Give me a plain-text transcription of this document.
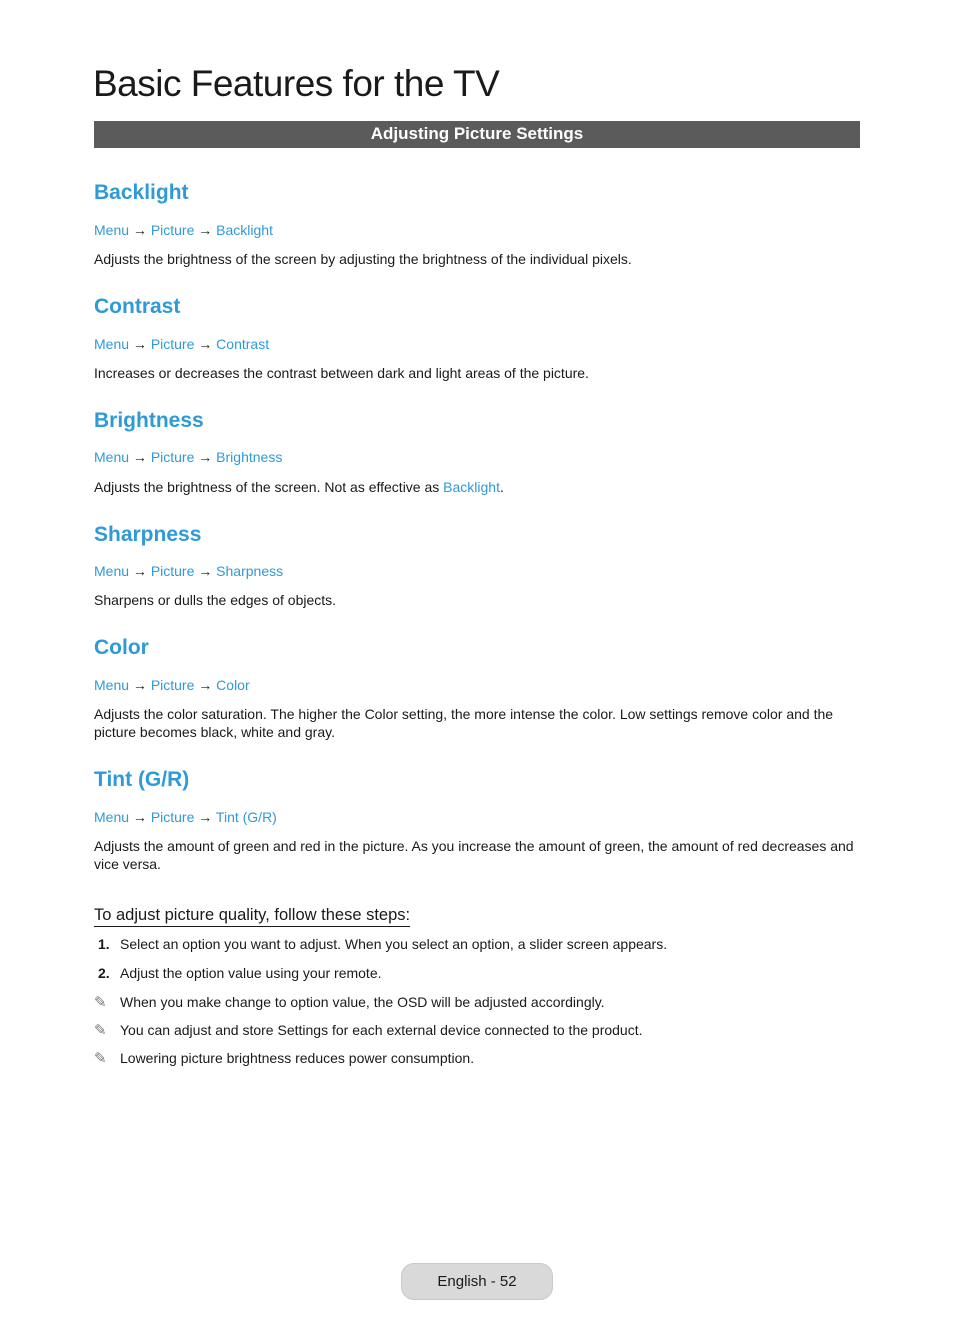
Basic Features for the TV
Adjusting Picture Settings
Backlight
Menu → Picture → Backlight

Adjusts the brightness of the screen by adjusting the brightness of the individual pixels.

Contrast
Menu → Picture → Contrast

Increases or decreases the contrast between dark and light areas of the picture.

Brightness
Menu → Picture → Brightness

Adjusts the brightness of the screen. Not as effective as Backlight.

Sharpness
Menu → Picture → Sharpness

Sharpens or dulls the edges of objects.

Color
Menu → Picture → Color

Adjusts the color saturation. The higher the Color setting, the more intense the color. Low settings remove color and the picture becomes black, white and gray.

Tint (G/R)
Menu → Picture → Tint (G/R)

Adjusts the amount of green and red in the picture. As you increase the amount of green, the amount of red decreases and vice versa.

To adjust picture quality, follow these steps:
1. Select an option you want to adjust. When you select an option, a slider screen appears.
2. Adjust the option value using your remote.
✎ When you make change to option value, the OSD will be adjusted accordingly.
✎ You can adjust and store Settings for each external device connected to the product.
✎ Lowering picture brightness reduces power consumption.
English - 52
